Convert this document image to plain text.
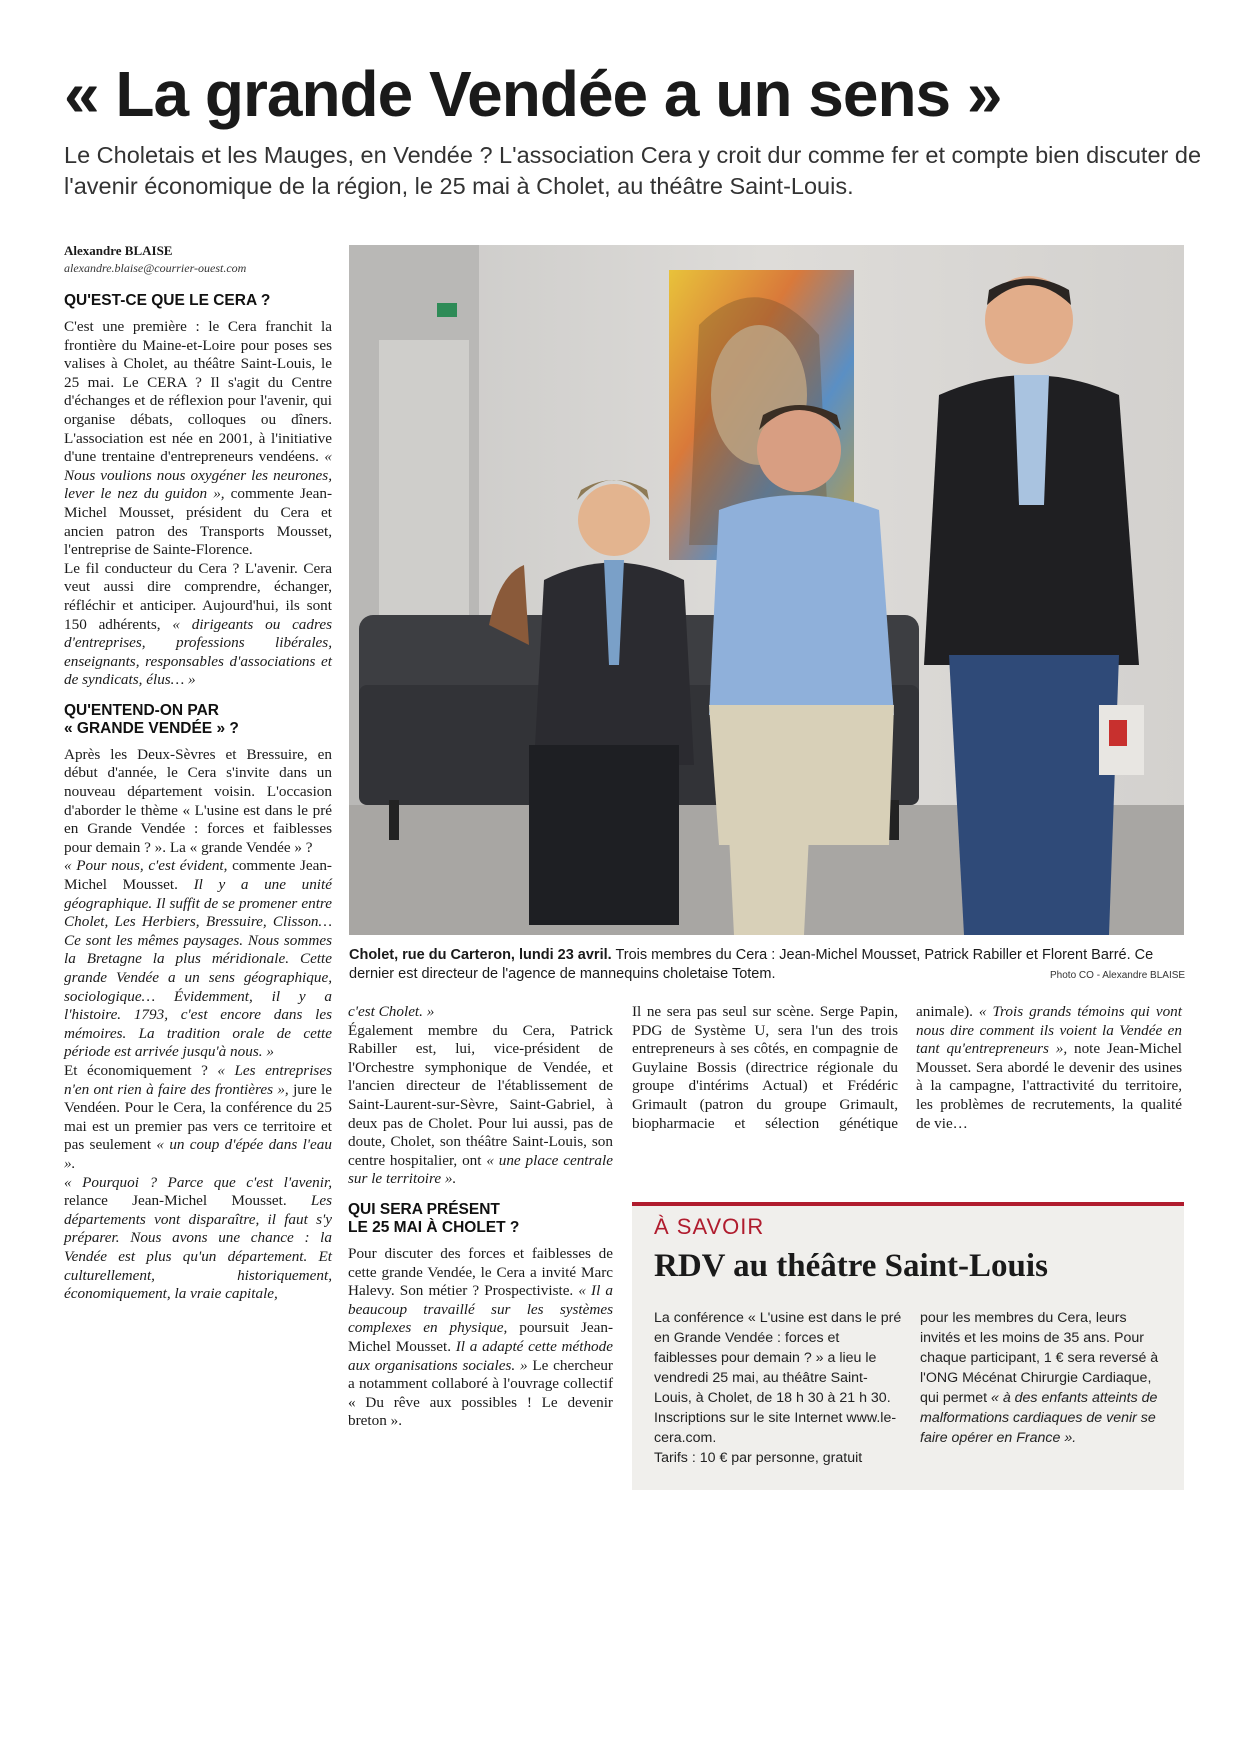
« La grande Vendée a un sens »

Le Choletais et les Mauges, en Vendée ? L'association Cera y croit dur comme fer et compte bien discuter de l'avenir économique de la région, le 25 mai à Cholet, au théâtre Saint-Louis.

Alexandre BLAISE
alexandre.blaise@courrier-ouest.com
QU'EST-CE QUE LE CERA ?

C'est une première : le Cera franchit la frontière du Maine-et-Loire pour poses ses valises à Cholet, au théâtre Saint-Louis, le 25 mai. Le CERA ? Il s'agit du Centre d'échanges et de réflexion pour l'avenir, qui organise débats, colloques ou dîners. L'association est née en 2001, à l'initiative d'une trentaine d'entrepreneurs vendéens. « Nous voulions nous oxygéner les neurones, lever le nez du guidon », commente Jean-Michel Mousset, président du Cera et ancien patron des Transports Mousset, l'entreprise de Sainte-Florence.

Le fil conducteur du Cera ? L'avenir. Cera veut aussi dire comprendre, échanger, réfléchir et anticiper. Aujourd'hui, ils sont 150 adhérents, « dirigeants ou cadres d'entreprises, professions libérales, enseignants, responsables d'associations et de syndicats, élus… »

QU'ENTEND-ON PAR
« GRANDE VENDÉE » ?

Après les Deux-Sèvres et Bressuire, en début d'année, le Cera s'invite dans un nouveau département voisin. L'occasion d'aborder le thème « L'usine est dans le pré en Grande Vendée : forces et faiblesses pour demain ? ». La « grande Vendée » ?

« Pour nous, c'est évident, commente Jean-Michel Mousset. Il y a une unité géographique. Il suffit de se promener entre Cholet, Les Herbiers, Bressuire, Clisson… Ce sont les mêmes paysages. Nous sommes la Bretagne la plus méridionale. Cette grande Vendée a un sens géographique, sociologique… Évidemment, il y a l'histoire. 1793, c'est encore dans les mémoires. La tradition orale de cette période est arrivée jusqu'à nous. »

Et économiquement ? « Les entreprises n'en ont rien à faire des frontières », jure le Vendéen. Pour le Cera, la conférence du 25 mai est un premier pas vers ce territoire et pas seulement « un coup d'épée dans l'eau ».

« Pourquoi ? Parce que c'est l'avenir, relance Jean-Michel Mousset. Les départements vont disparaître, il faut s'y préparer. Nous avons une chance : la Vendée est plus qu'un département. Et culturellement, historiquement, économiquement, la vraie capitale,

Cholet, rue du Carteron, lundi 23 avril. Trois membres du Cera : Jean-Michel Mousset, Patrick Rabiller et Florent Barré. Ce dernier est directeur de l'agence de mannequins choletaise Totem.	Photo CO - Alexandre BLAISE

c'est Cholet. »

Également membre du Cera, Patrick Rabiller est, lui, vice-président de l'Orchestre symphonique de Vendée, et l'ancien directeur de l'établissement de Saint-Laurent-sur-Sèvre, Saint-Gabriel, à deux pas de Cholet. Pour lui aussi, pas de doute, Cholet, son théâtre Saint-Louis, son centre hospitalier, ont « une place centrale sur le territoire ».

QUI SERA PRÉSENT
LE 25 MAI À CHOLET ?

Pour discuter des forces et faiblesses de cette grande Vendée, le Cera a invité Marc Halevy. Son métier ? Prospectiviste. « Il a beaucoup travaillé sur les systèmes complexes en physique, poursuit Jean-Michel Mousset. Il a adapté cette méthode aux organisations sociales. » Le chercheur a notamment collaboré à l'ouvrage collectif « Du rêve aux possibles ! Le devenir breton ».

Il ne sera pas seul sur scène. Serge Papin, PDG de Système U, sera l'un des trois entrepreneurs à ses côtés, en compagnie de Guylaine Bossis (directrice régionale du groupe d'intérims Actual) et Frédéric Grimault (patron du groupe Grimault, biopharmacie et sélection génétique animale). « Trois grands témoins qui vont nous dire comment ils voient la Vendée en tant qu'entrepreneurs », note Jean-Michel Mousset. Sera abordé le devenir des usines à la campagne, l'attractivité du territoire, les problèmes de recrutements, la qualité de vie…

À SAVOIR
RDV au théâtre Saint-Louis
La conférence « L'usine est dans le pré en Grande Vendée : forces et faiblesses pour demain ? » a lieu le vendredi 25 mai, au théâtre Saint-Louis, à Cholet, de 18 h 30 à 21 h 30. Inscriptions sur le site Internet www.le-cera.com.
Tarifs : 10 € par personne, gratuit
pour les membres du Cera, leurs invités et les moins de 35 ans. Pour chaque participant, 1 € sera reversé à l'ONG Mécénat Chirurgie Cardiaque, qui permet « à des enfants atteints de malformations cardiaques de venir se faire opérer en France ».
